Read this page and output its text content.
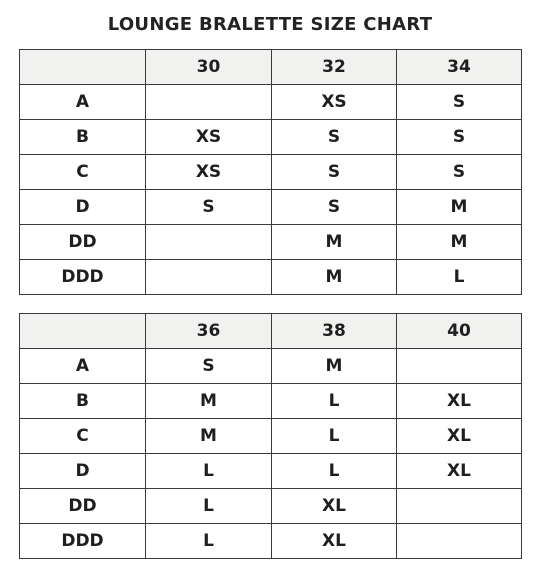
LOUNGE BRALETTE SIZE CHART
	30	32	34
A		XS	S
B	XS	S	S
C	XS	S	S
D	S	S	M
DD		M	M
DDD		M	L
	36	38	40
A	S	M	
B	M	L	XL
C	M	L	XL
D	L	L	XL
DD	L	XL	
DDD	L	XL	
